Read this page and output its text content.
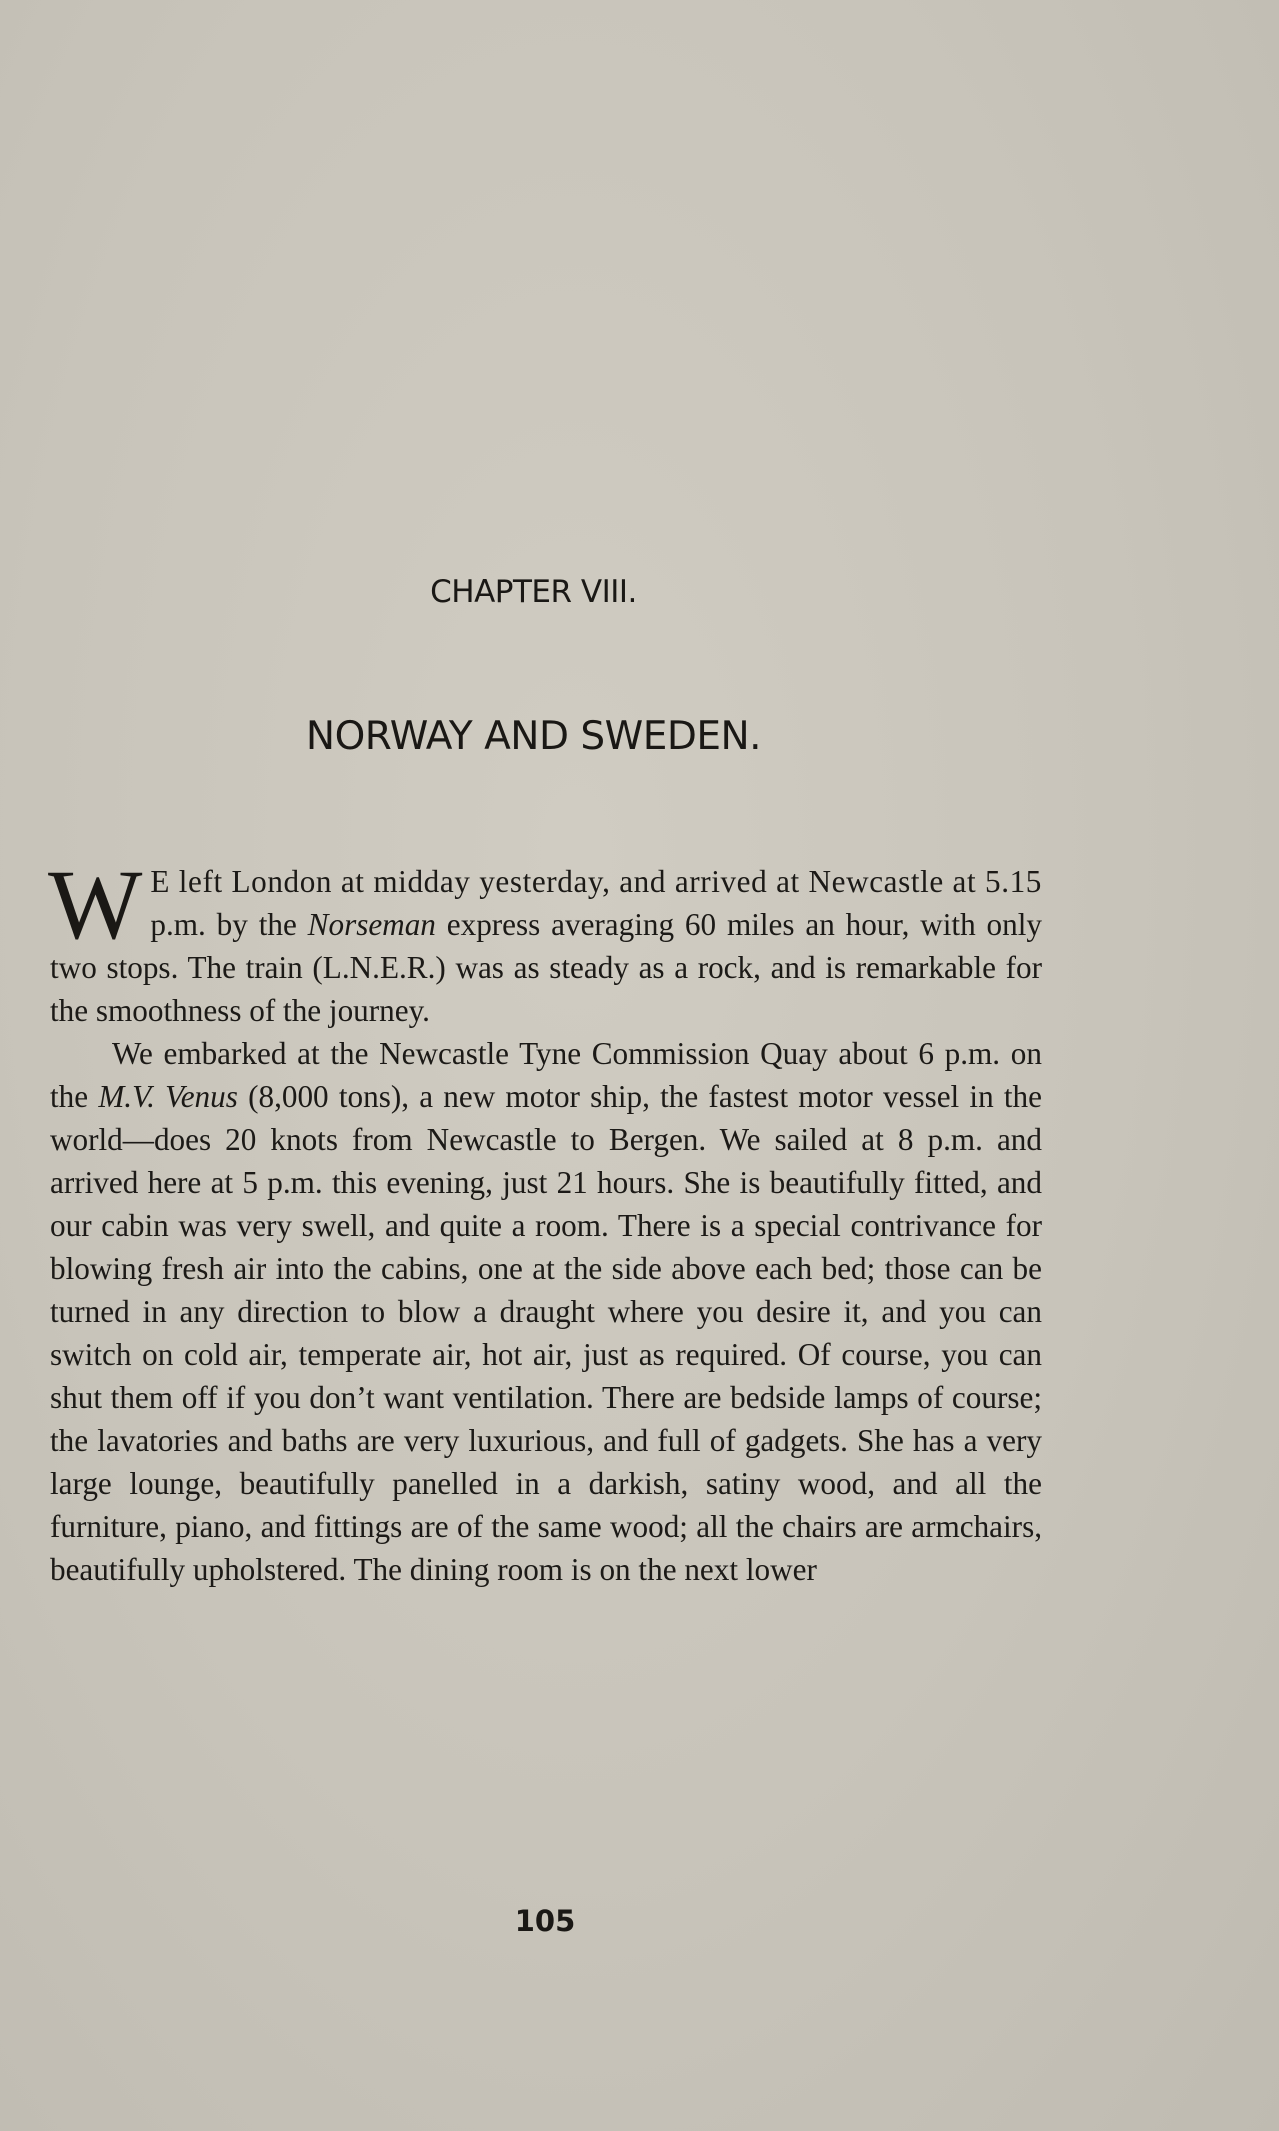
CHAPTER VIII.
NORWAY AND SWEDEN.

W E left London at midday yesterday, and arrived at Newcastle at 5.15 p.m. by the Norseman express averaging 60 miles an hour, with only two stops. The train (L.N.E.R.) was as steady as a rock, and is remarkable for the smoothness of the journey.

We embarked at the Newcastle Tyne Commission Quay about 6 p.m. on the M.V. Venus (8,000 tons), a new motor ship, the fastest motor vessel in the world—does 20 knots from Newcastle to Bergen. We sailed at 8 p.m. and arrived here at 5 p.m. this evening, just 21 hours. She is beautifully fitted, and our cabin was very swell, and quite a room. There is a special contrivance for blowing fresh air into the cabins, one at the side above each bed; those can be turned in any direction to blow a draught where you desire it, and you can switch on cold air, temperate air, hot air, just as required. Of course, you can shut them off if you don’t want ventilation. There are bedside lamps of course; the lavatories and baths are very luxurious, and full of gadgets. She has a very large lounge, beautifully panelled in a darkish, satiny wood, and all the furniture, piano, and fittings are of the same wood; all the chairs are armchairs, beautifully upholstered. The dining room is on the next lower

105
